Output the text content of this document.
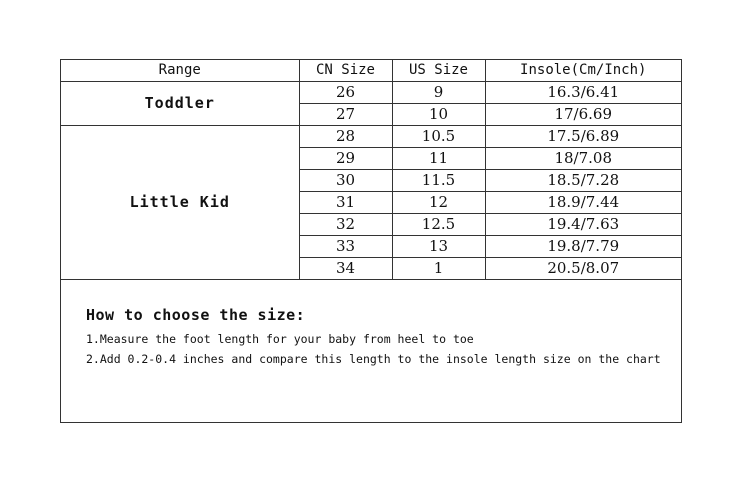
Range	CN Size	US Size	Insole(Cm/Inch)
Toddler	26	9	16.3/6.41
	27	10	17/6.69
Little Kid	28	10.5	17.5/6.89
	29	11	18/7.08
	30	11.5	18.5/7.28
	31	12	18.9/7.44
	32	12.5	19.4/7.63
	33	13	19.8/7.79
	34	1	20.5/8.07
How to choose the size:

1.Measure the foot length for your baby from heel to toe

2.Add 0.2-0.4 inches and compare this length to the insole length size on the chart
